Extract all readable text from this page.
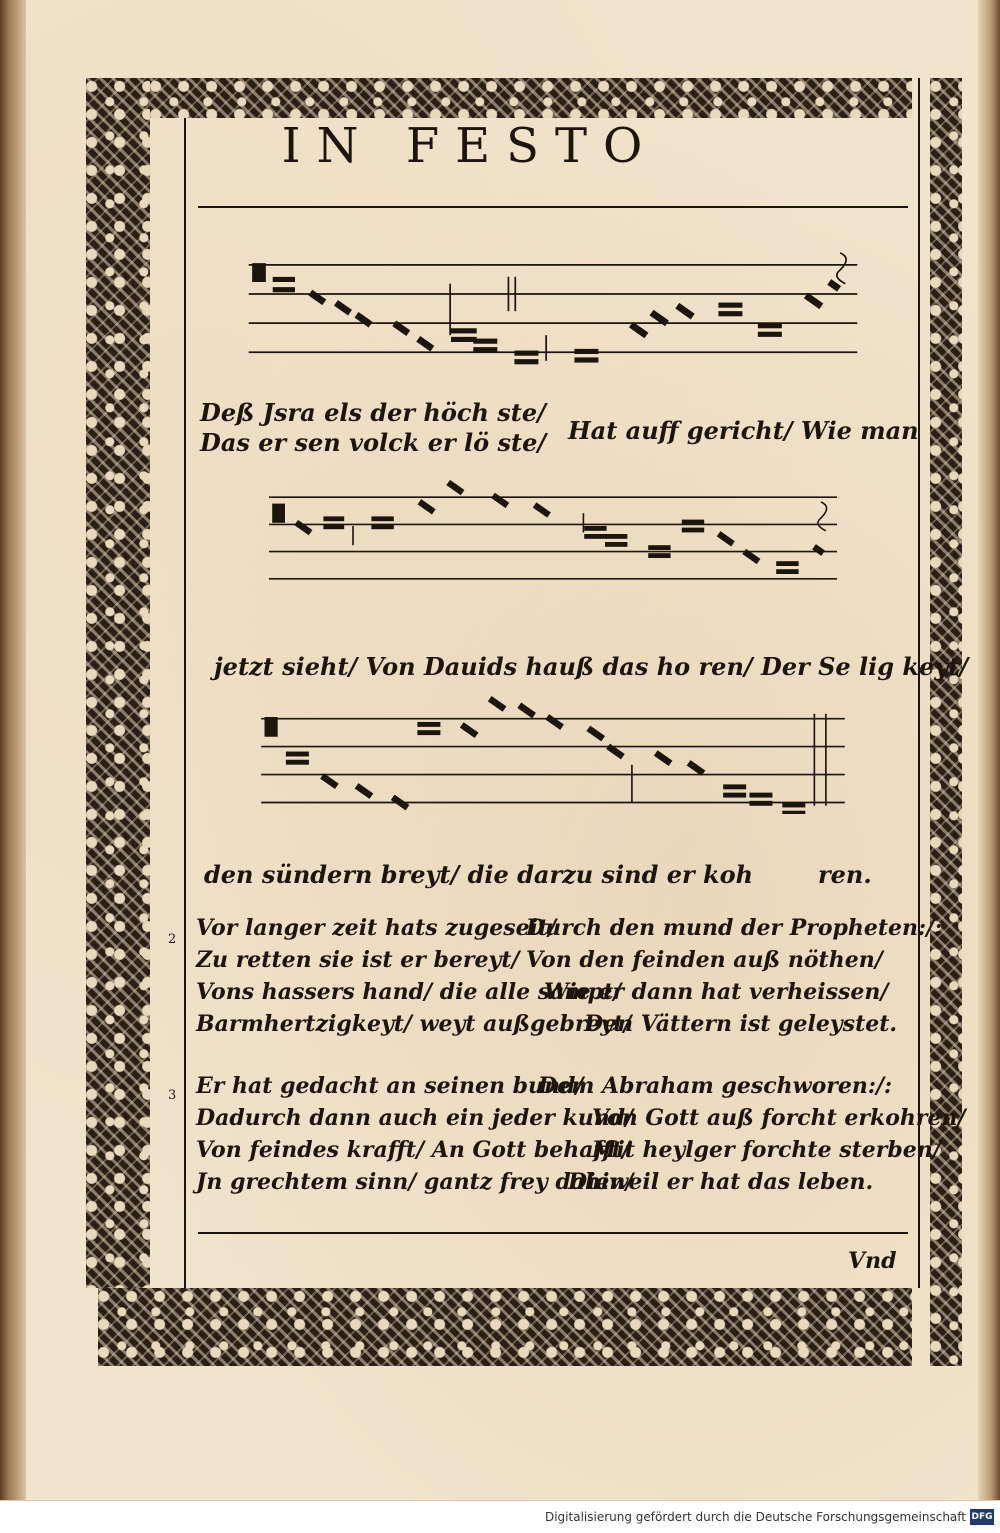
IN FESTO
Deß Jsra els der höch ste/
Das er sen volck er lö ste/ Hat auff gericht/ Wie man
jetzt sieht/ Von Dauids hauß das ho ren/ Der Se lig keyt/
den sündern breyt/ die darzu sind er koh	ren.
2 Vor langer zeit hats zugeseit/
Durch den mund der Propheten:/:
Zu retten sie ist er bereyt/ Von den feinden auß nöthen/
Vons hassers hand/ die alle sampt/
Wie er dann hat verheissen/
Barmhertzigkeyt/ weyt außgebreyt/
Den Vättern ist geleystet.
3 Er hat gedacht an seinen bund/
Dem Abraham geschworen:/:
Dadurch dann auch ein jeder kund/
Von Gott auß forcht erkohren/
Von feindes krafft/ An Gott behafft/
Mit heylger forchte sterben/
Jn grechtem sinn/ gantz frey dahin/
Dieweil er hat das leben.
Vnd
Digitalisierung gefördert durch die Deutsche Forschungsgemeinschaft DFG
